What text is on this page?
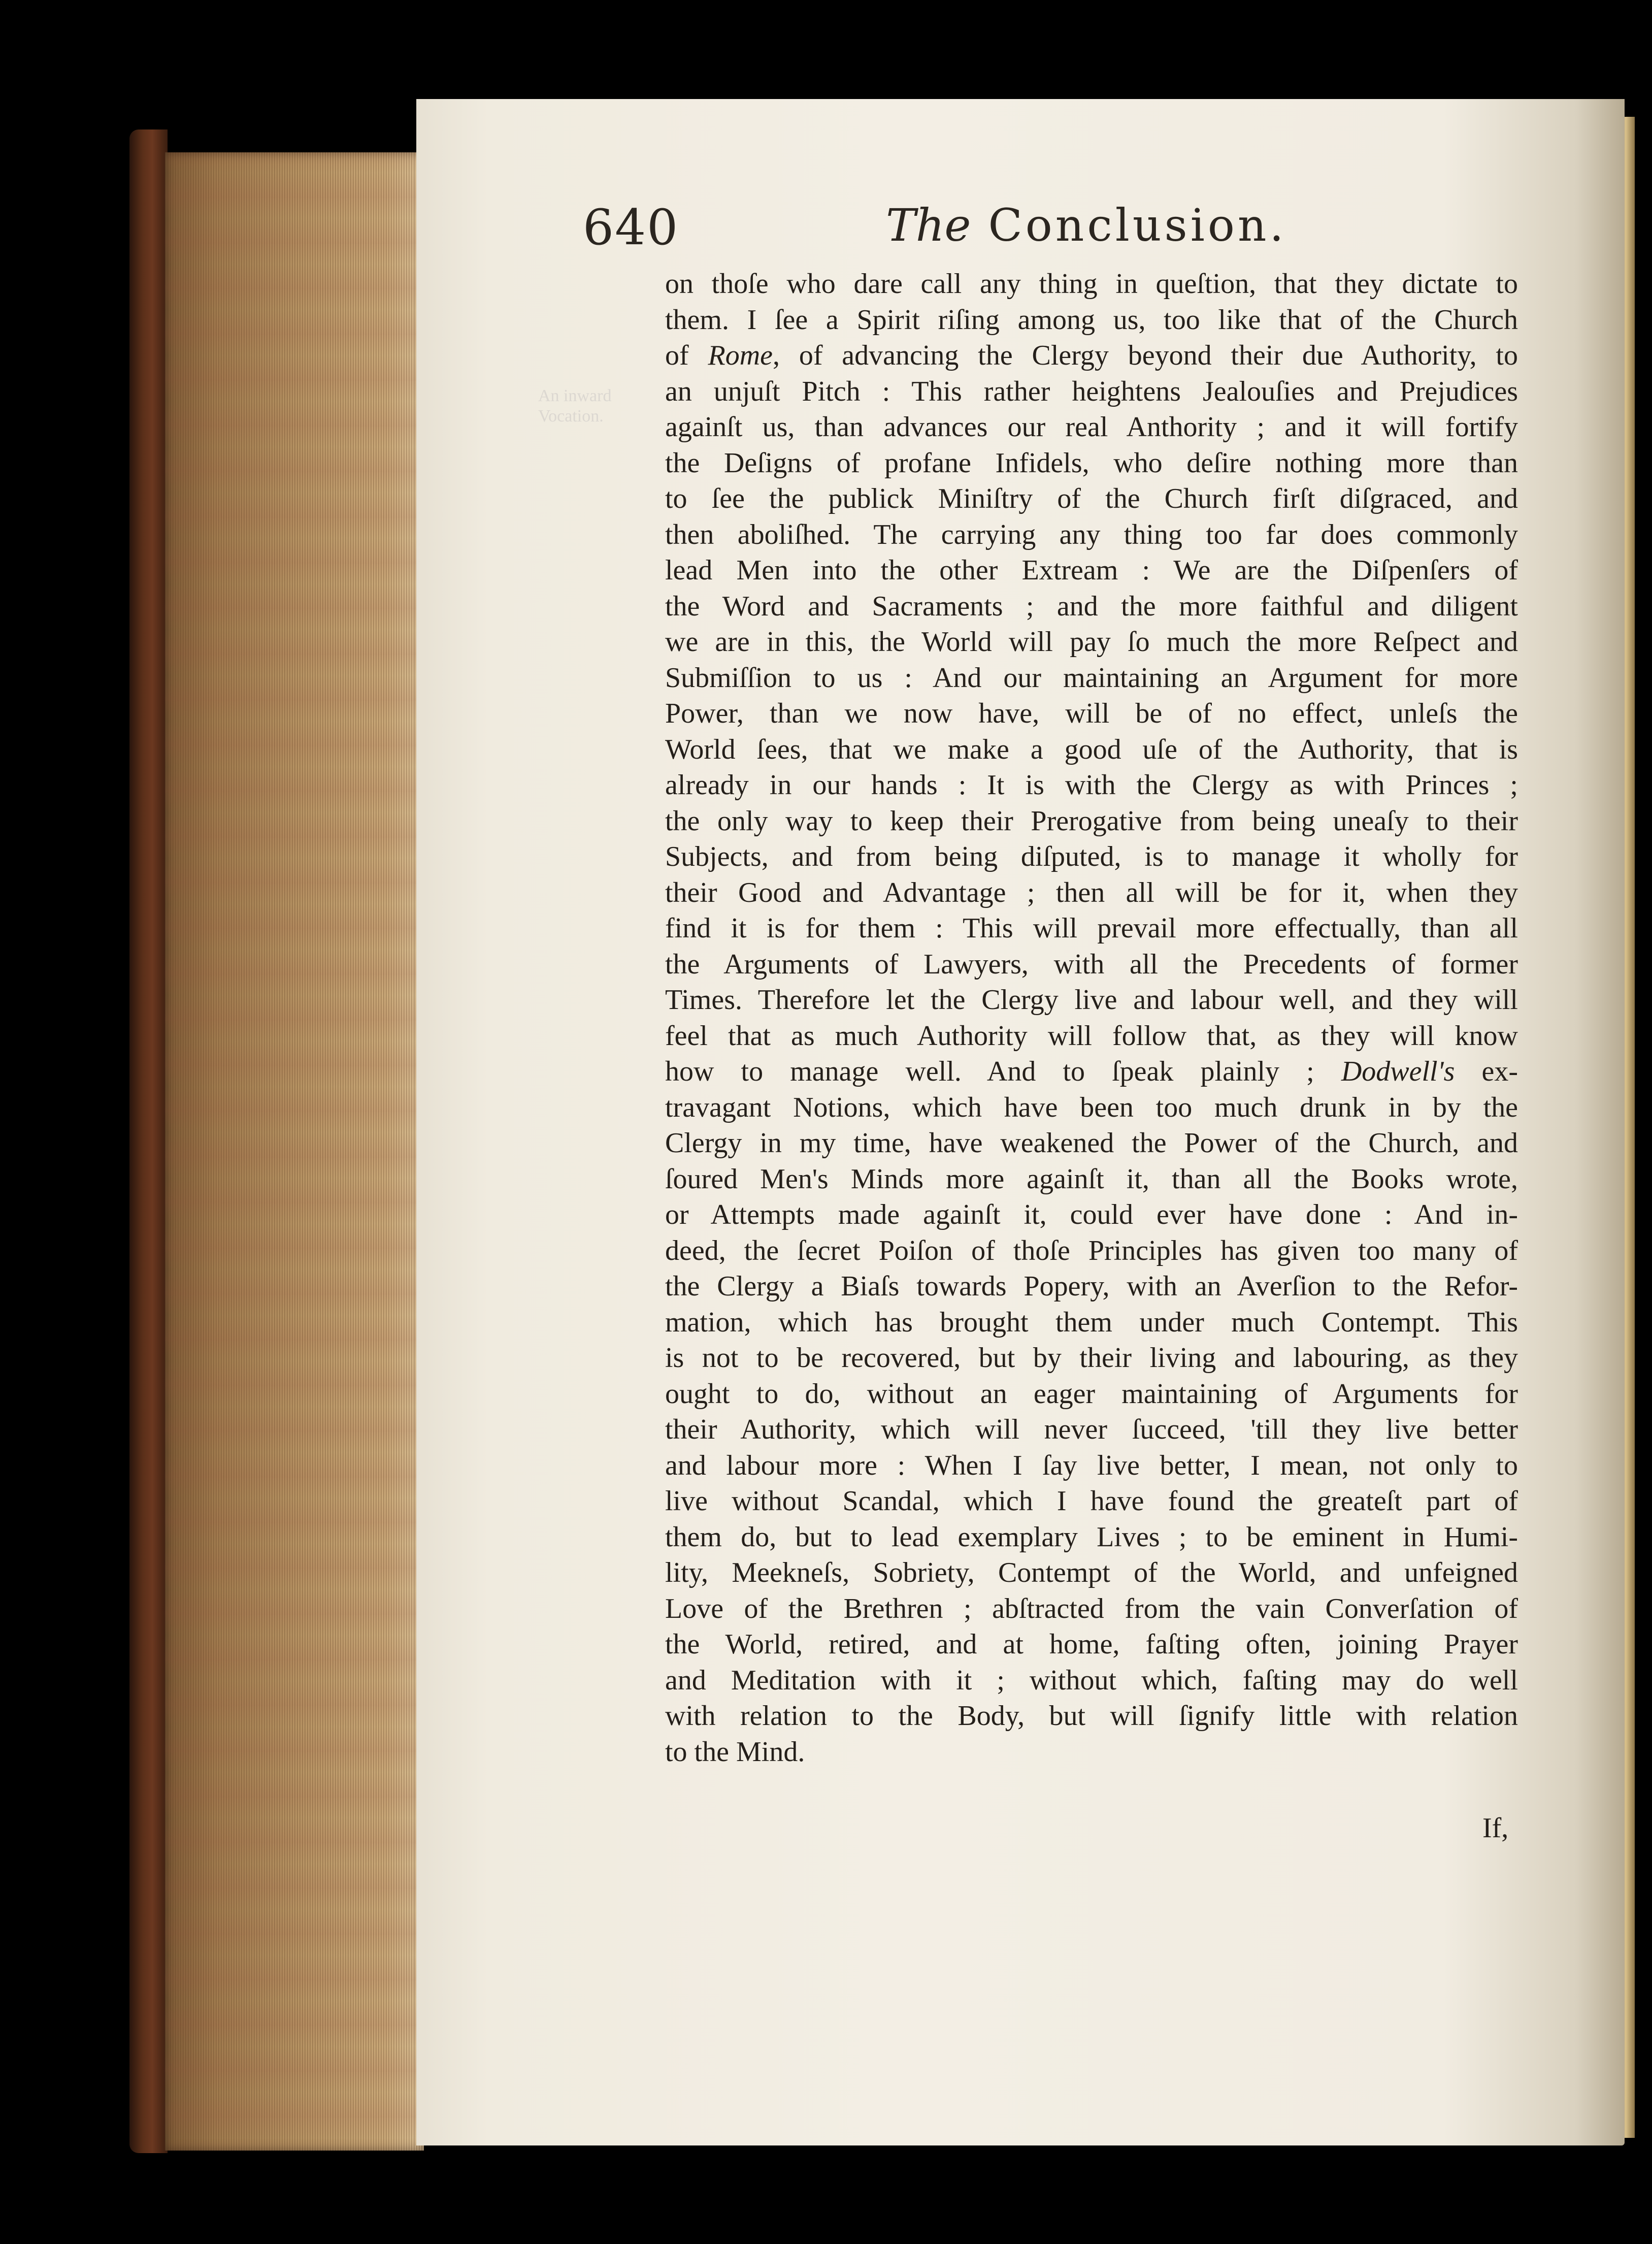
640	The Conclusion.

An inward
Vocation.

on thoſe who dare call any thing in queſtion, that they dictate to
them. I ſee a Spirit riſing among us, too like that of the Church
of Rome, of advancing the Clergy beyond their due Authority, to
an unjuſt Pitch : This rather heightens Jealouſies and Prejudices
againſt us, than advances our real Anthority ; and it will fortify
the Deſigns of profane Infidels, who deſire nothing more than
to ſee the publick Miniſtry of the Church firſt diſgraced, and
then aboliſhed. The carrying any thing too far does commonly
lead Men into the other Extream : We are the Diſpenſers of
the Word and Sacraments ; and the more faithful and diligent
we are in this, the World will pay ſo much the more Reſpect and
Submiſſion to us : And our maintaining an Argument for more
Power, than we now have, will be of no effect, unleſs the
World ſees, that we make a good uſe of the Authority, that is
already in our hands : It is with the Clergy as with Princes ;
the only way to keep their Prerogative from being uneaſy to their
Subjects, and from being diſputed, is to manage it wholly for
their Good and Advantage ; then all will be for it, when they
find it is for them : This will prevail more effectually, than all
the Arguments of Lawyers, with all the Precedents of former
Times. Therefore let the Clergy live and labour well, and they will
feel that as much Authority will follow that, as they will know
how to manage well. And to ſpeak plainly ; Dodwell's ex-
travagant Notions, which have been too much drunk in by the
Clergy in my time, have weakened the Power of the Church, and
ſoured Men's Minds more againſt it, than all the Books wrote,
or Attempts made againſt it, could ever have done : And in-
deed, the ſecret Poiſon of thoſe Principles has given too many of
the Clergy a Biaſs towards Popery, with an Averſion to the Refor-
mation, which has brought them under much Contempt. This
is not to be recovered, but by their living and labouring, as they
ought to do, without an eager maintaining of Arguments for
their Authority, which will never ſucceed, 'till they live better
and labour more : When I ſay live better, I mean, not only to
live without Scandal, which I have found the greateſt part of
them do, but to lead exemplary Lives ; to be eminent in Humi-
lity, Meekneſs, Sobriety, Contempt of the World, and unfeigned
Love of the Brethren ; abſtracted from the vain Converſation of
the World, retired, and at home, faſting often, joining Prayer
and Meditation with it ; without which, faſting may do well
with relation to the Body, but will ſignify little with relation
to the Mind.

If,
